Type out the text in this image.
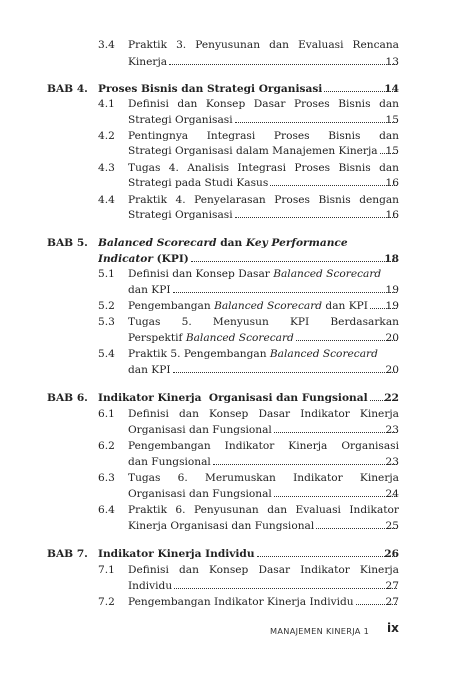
3.4 Praktik 3. Penyusunan dan Evaluasi Rencana
Kinerja	13
BAB 4. Proses Bisnis dan Strategi Organisasi	14
4.1 Definisi dan Konsep Dasar Proses Bisnis dan
Strategi Organisasi	15
4.2 Pentingnya Integrasi Proses Bisnis dan
Strategi Organisasi dalam Manajemen Kinerja 15
4.3 Tugas 4. Analisis Integrasi Proses Bisnis dan
Strategi pada Studi Kasus	16
4.4 Praktik 4. Penyelarasan Proses Bisnis dengan
Strategi Organisasi	16
BAB 5. Balanced Scorecard dan Key Performance
Indicator (KPI)	18
5.1 Definisi dan Konsep Dasar Balanced Scorecard
dan KPI	19
5.2 Pengembangan Balanced Scorecard dan KPI 19
5.3 Tugas 5. Menyusun KPI Berdasarkan
Perspektif Balanced Scorecard	20
5.4 Praktik 5. Pengembangan Balanced Scorecard
dan KPI	20
BAB 6. Indikator Kinerja  Organisasi dan Fungsional 22
6.1 Definisi dan Konsep Dasar Indikator Kinerja
Organisasi dan Fungsional	23
6.2 Pengembangan Indikator Kinerja Organisasi
dan Fungsional	23
6.3 Tugas 6. Merumuskan Indikator Kinerja
Organisasi dan Fungsional	24
6.4 Praktik 6. Penyusunan dan Evaluasi Indikator
Kinerja Organisasi dan Fungsional	25
BAB 7. Indikator Kinerja Individu	26
7.1 Definisi dan Konsep Dasar Indikator Kinerja
Individu	27
7.2 Pengembangan Indikator Kinerja Individu	27
MANAJEMEN KINERJA 1 ix
